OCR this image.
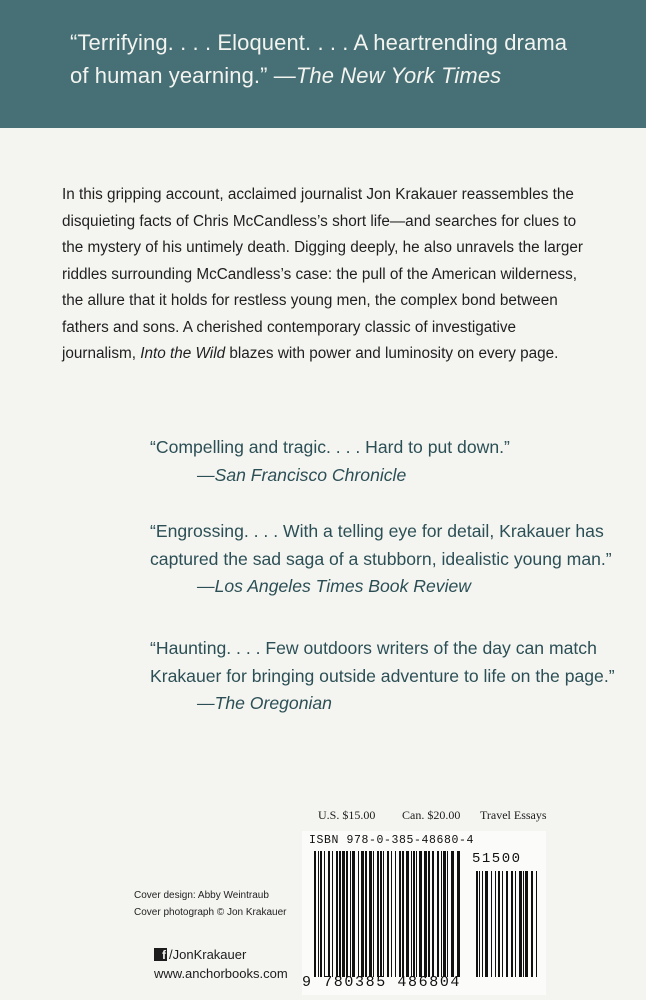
“Terrifying. . . . Eloquent. . . . A heartrending drama
of human yearning.” —The New York Times
In this gripping account, acclaimed journalist Jon Krakauer reassembles the disquieting facts of Chris McCandless’s short life—and searches for clues to the mystery of his untimely death. Digging deeply, he also unravels the larger riddles surrounding McCandless’s case: the pull of the American wilderness, the allure that it holds for restless young men, the complex bond between fathers and sons. A cherished contemporary classic of investigative journalism, Into the Wild blazes with power and luminosity on every page.
“Compelling and tragic. . . . Hard to put down.”
—San Francisco Chronicle
“Engrossing. . . . With a telling eye for detail, Krakauer has
captured the sad saga of a stubborn, idealistic young man.”
—Los Angeles Times Book Review
“Haunting. . . . Few outdoors writers of the day can match
Krakauer for bringing outside adventure to life on the page.”
—The Oregonian
U.S. $15.00 Can. $20.00 Travel Essays
ISBN 978-0-385-48680-4
51500
9 780385 486804
Cover design: Abby Weintraub
Cover photograph © Jon Krakauer
f /JonKrakauer
www.anchorbooks.com
